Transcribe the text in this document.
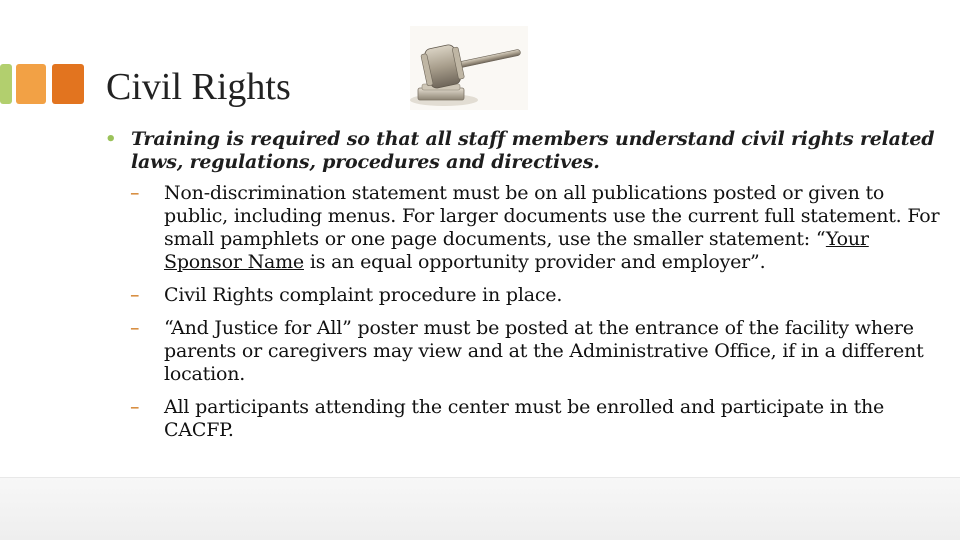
Civil Rights
• Training is required so that all staff members understand civil rights related laws, regulations, procedures and directives.
– Non-discrimination statement must be on all publications posted or given to public, including menus. For larger documents use the current full statement. For small pamphlets or one page documents, use the smaller statement: “Your Sponsor Name is an equal opportunity provider and employer”.
– Civil Rights complaint procedure in place.
– “And Justice for All” poster must be posted at the entrance of the facility where parents or caregivers may view and at the Administrative Office, if in a different location.
– All participants attending the center must be enrolled and participate in the CACFP.
